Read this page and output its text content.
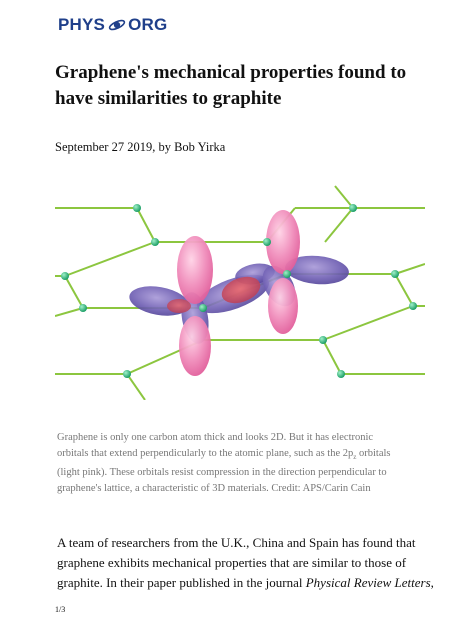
PHYS ORG
Graphene's mechanical properties found to have similarities to graphite
September 27 2019, by Bob Yirka
Graphene is only one carbon atom thick and looks 2D. But it has electronic
orbitals that extend perpendicularly to the atomic plane, such as the $2p_z$ orbitals
(light pink). These orbitals resist compression in the direction perpendicular to
graphene's lattice, a characteristic of 3D materials. Credit: APS/Carin Cain
A team of researchers from the U.K., China and Spain has found that
graphene exhibits mechanical properties that are similar to those of
graphite. In their paper published in the journal Physical Review Letters,
1/3
